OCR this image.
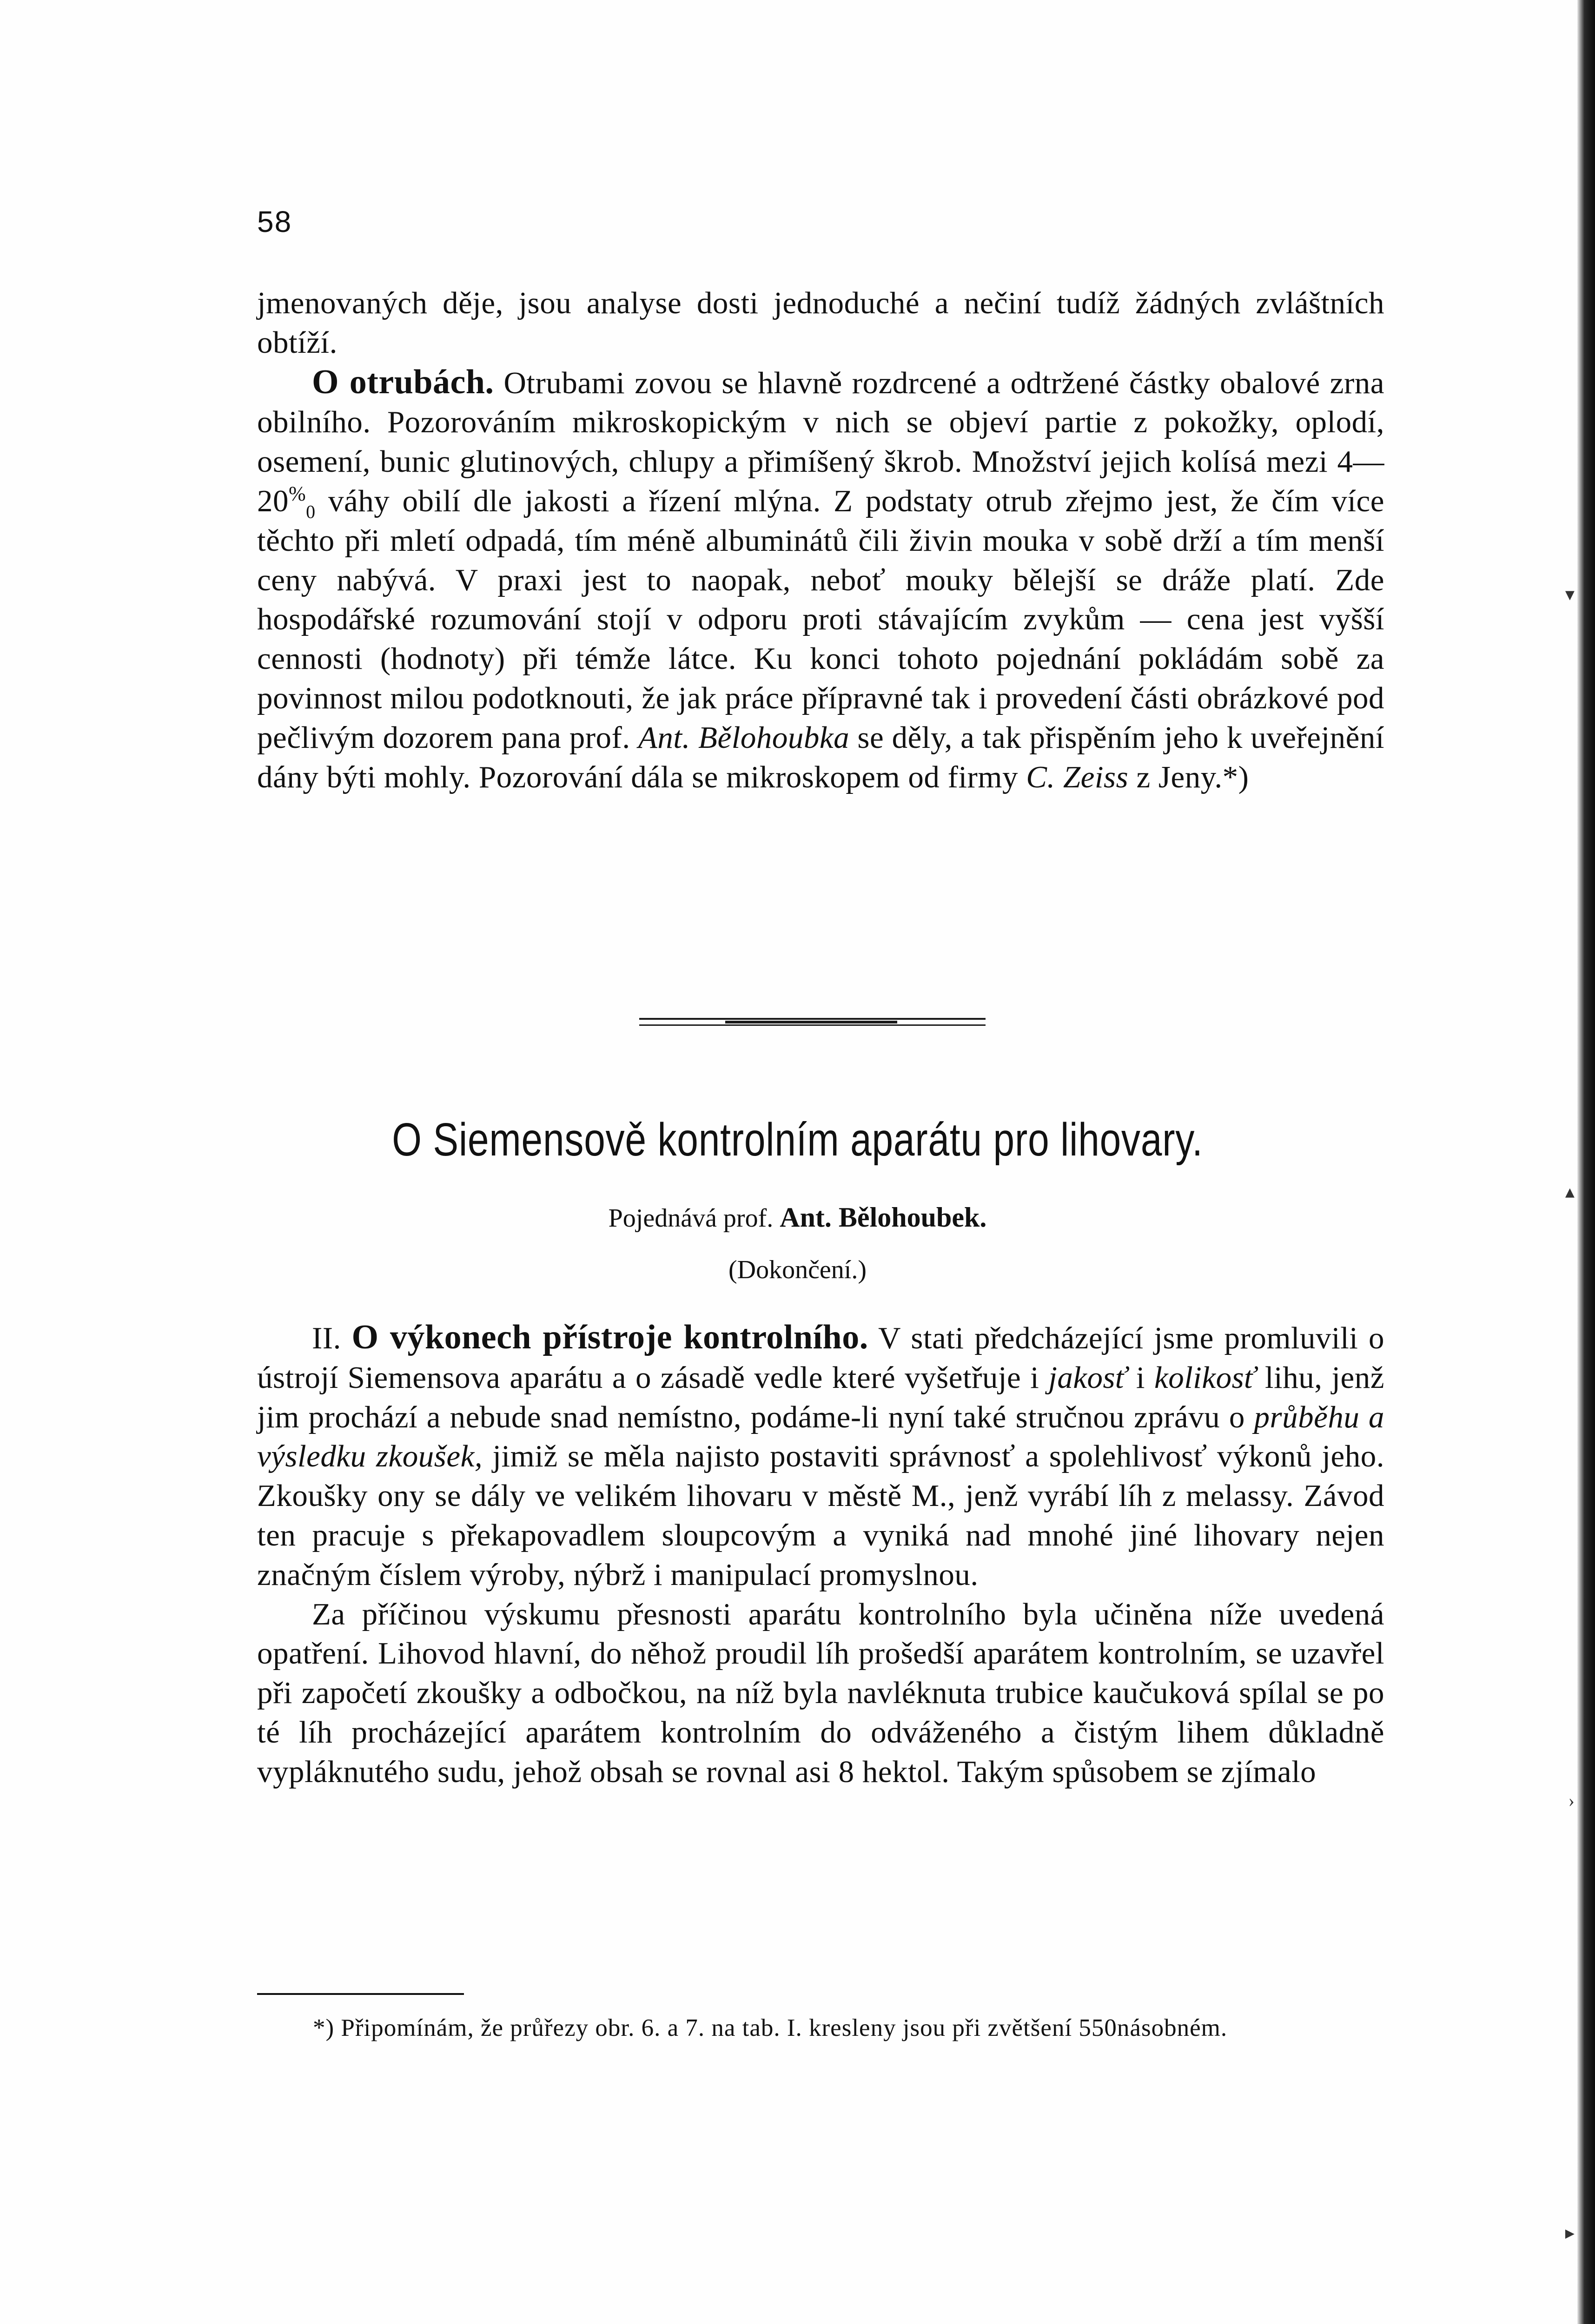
▾
▴
›
▸
58

jmenovaných děje, jsou analyse dosti jednoduché a nečiní tudíž žádných zvláštních obtíží.

O otrubách. Otrubami zovou se hlavně rozdrcené a odtržené částky obalové zrna obilního. Pozorováním mikroskopickým v nich se objeví partie z pokožky, oplodí, osemení, bunic glutinových, chlupy a přimíšený škrob. Množství jejich kolísá mezi $4—20^{\%}_0$ váhy obilí dle jakosti a řízení mlýna. Z podstaty otrub zřejmo jest, že čím více těchto při mletí odpadá, tím méně albuminátů čili živin mouka v sobě drží a tím menší ceny nabývá. V praxi jest to naopak, neboť mouky bělejší se dráže platí. Zde hospodářské rozumování stojí v odporu proti stávajícím zvykům — cena jest vyšší cennosti (hodnoty) při témže látce. Ku konci tohoto pojednání pokládám sobě za povinnost milou podotknouti, že jak práce přípravné tak i provedení části obrázkové pod pečlivým dozorem pana prof. Ant. Bělohoubka se děly, a tak přispěním jeho k uveřejnění dány býti mohly. Pozorování dála se mikroskopem od firmy C. Zeiss z Jeny.*)

O Siemensově kontrolním aparátu pro lihovary.
Pojednává prof. Ant. Bělohoubek.
(Dokončení.)

II. O výkonech přístroje kontrolního. V stati předcházející jsme promluvili o ústrojí Siemensova aparátu a o zásadě vedle které vyšetřuje i jakosť i kolikosť lihu, jenž jim prochází a nebude snad nemístno, podáme-li nyní také stručnou zprávu o průběhu a výsledku zkoušek, jimiž se měla najisto postaviti správnosť a spolehlivosť výkonů jeho. Zkoušky ony se dály ve velikém lihovaru v městě M., jenž vyrábí líh z melassy. Závod ten pracuje s překapovadlem sloupcovým a vyniká nad mnohé jiné lihovary nejen značným číslem výroby, nýbrž i manipulací promyslnou.

Za příčinou výskumu přesnosti aparátu kontrolního byla učiněna níže uvedená opatření. Lihovod hlavní, do něhož proudil líh prošedší aparátem kontrolním, se uzavřel při započetí zkoušky a odbočkou, na níž byla navléknuta trubice kaučuková spílal se po té líh procházející aparátem kontrolním do odváženého a čistým lihem důkladně vypláknutého sudu, jehož obsah se rovnal asi 8 hektol. Takým spůsobem se zjímalo

*) Připomínám, že průřezy obr. 6. a 7. na tab. I. kresleny jsou při zvětšení 550násobném.
